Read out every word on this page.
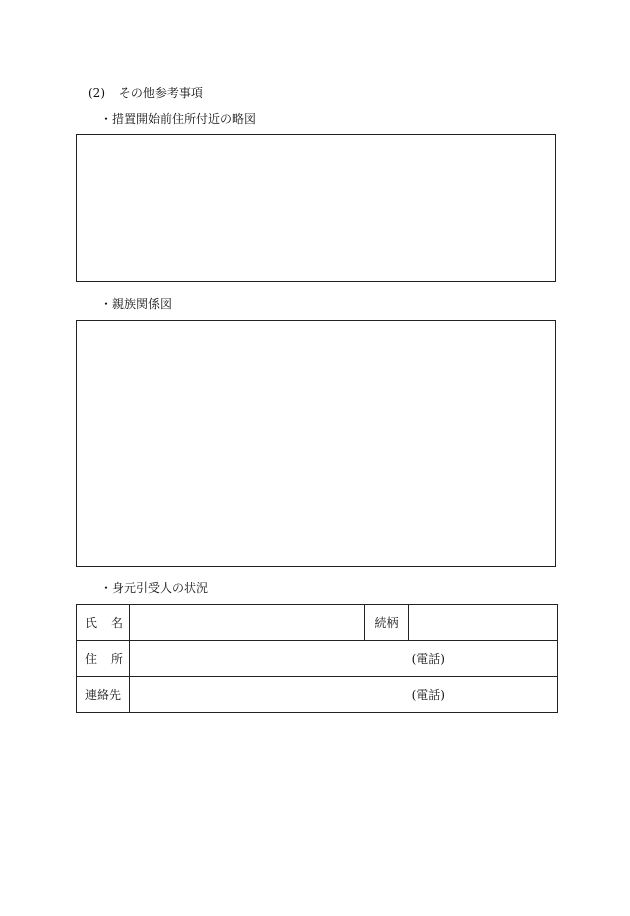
(2) その他参考事項
・措置開始前住所付近の略図
・親族関係図
・身元引受人の状況
氏 名		続柄	

住 所	(電話)		
連絡先	(電話)		
